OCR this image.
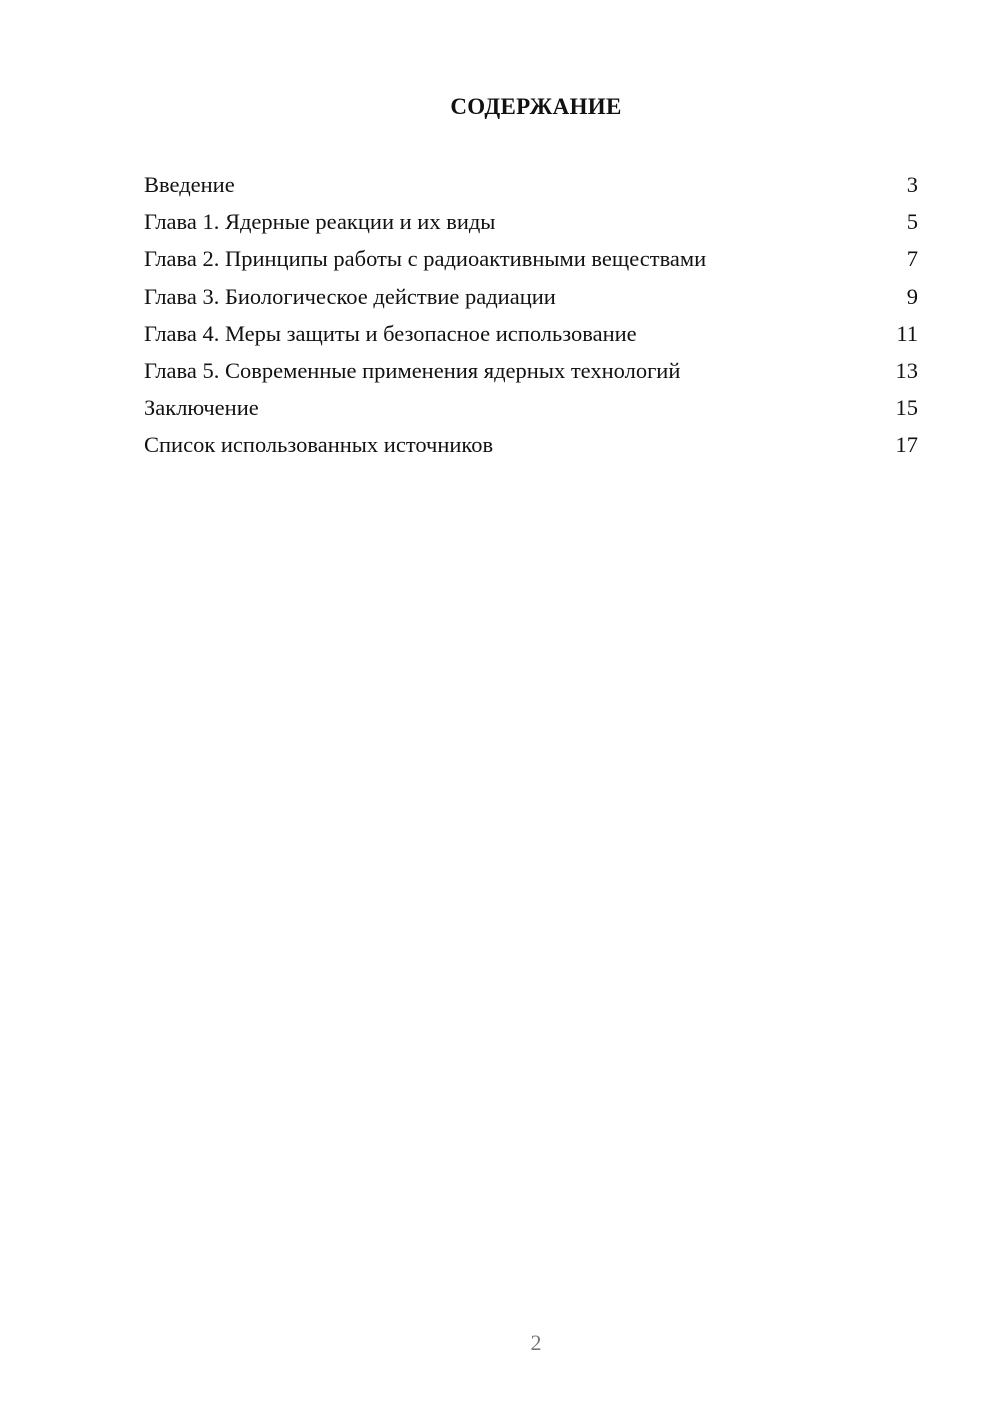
СОДЕРЖАНИЕ
Введение	3
Глава 1. Ядерные реакции и их виды	5
Глава 2. Принципы работы с радиоактивными веществами	7
Глава 3. Биологическое действие радиации	9
Глава 4. Меры защиты и безопасное использование	11
Глава 5. Современные применения ядерных технологий	13
Заключение	15
Список использованных источников	17
2
